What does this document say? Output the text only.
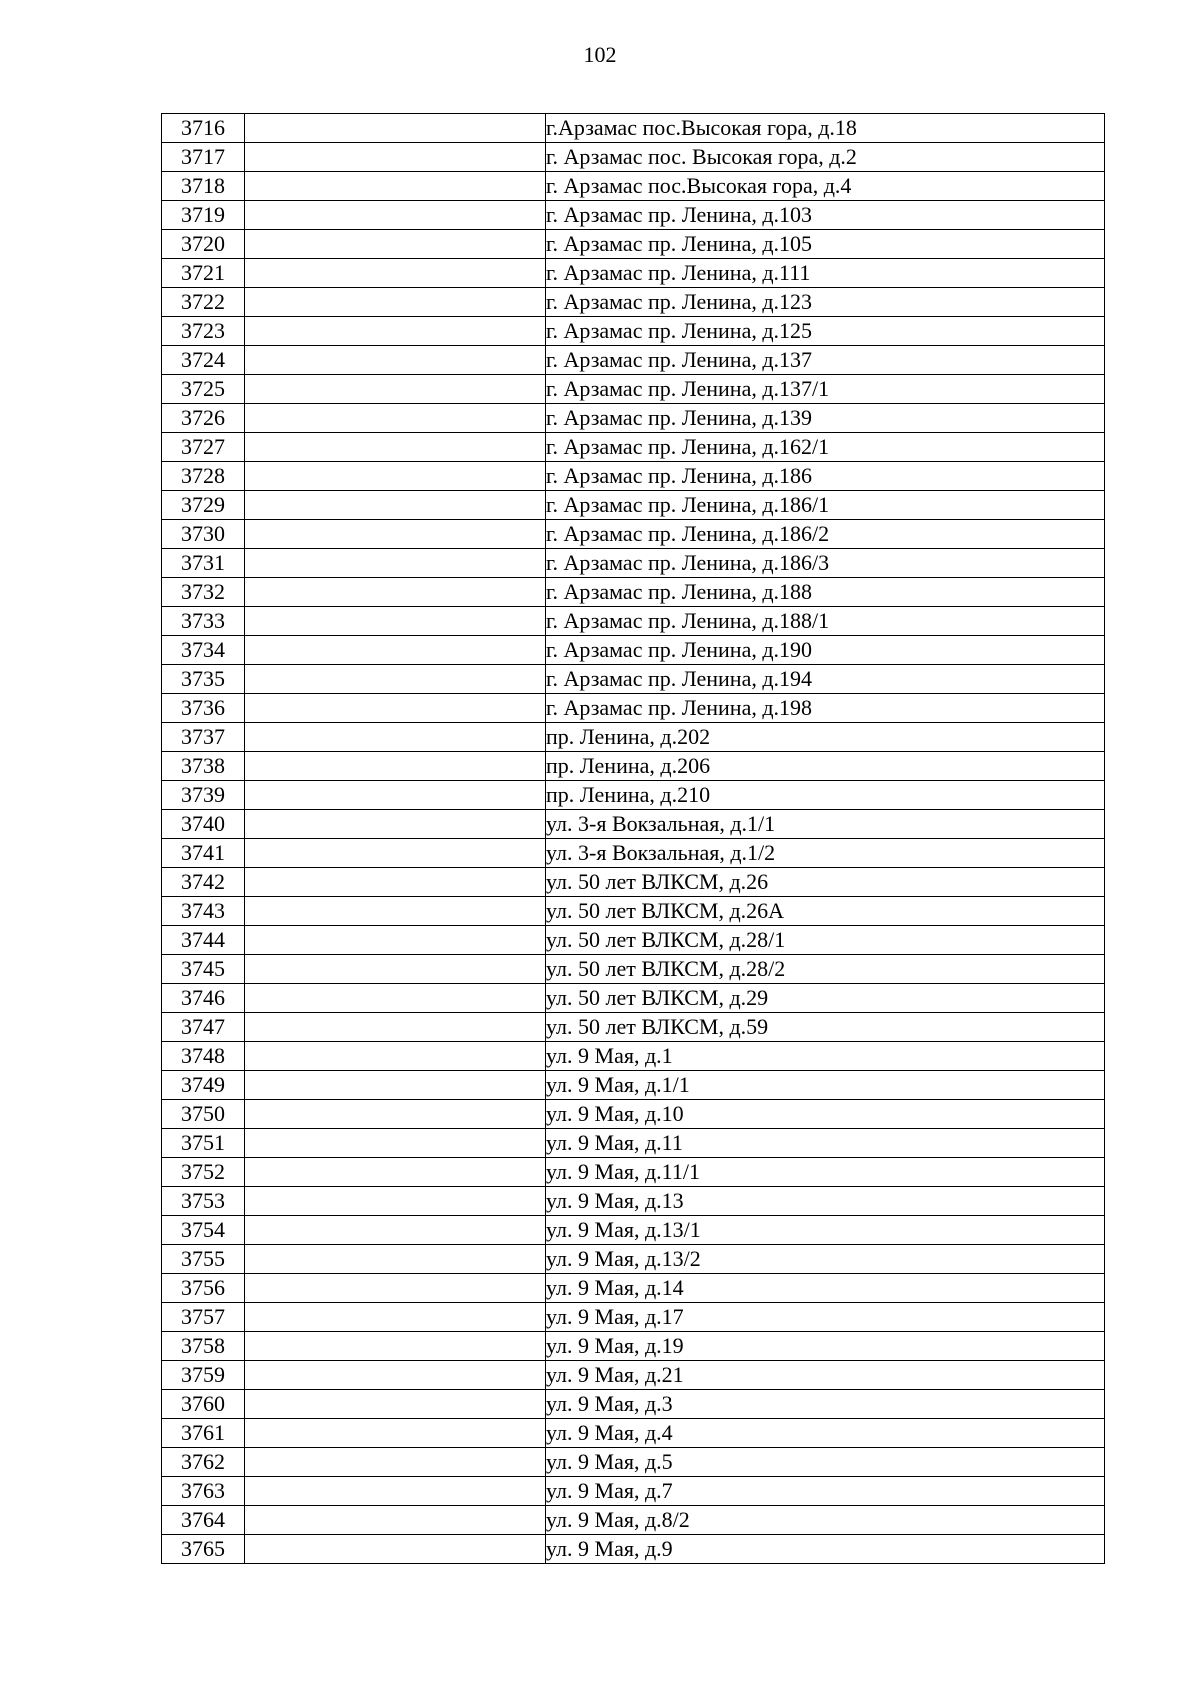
102
3716		г.Арзамас пос.Высокая гора, д.18
3717		г. Арзамас пос. Высокая гора, д.2
3718		г. Арзамас пос.Высокая гора, д.4
3719		г. Арзамас пр. Ленина, д.103
3720		г. Арзамас пр. Ленина, д.105
3721		г. Арзамас пр. Ленина, д.111
3722		г. Арзамас пр. Ленина, д.123
3723		г. Арзамас пр. Ленина, д.125
3724		г. Арзамас пр. Ленина, д.137
3725		г. Арзамас пр. Ленина, д.137/1
3726		г. Арзамас пр. Ленина, д.139
3727		г. Арзамас пр. Ленина, д.162/1
3728		г. Арзамас пр. Ленина, д.186
3729		г. Арзамас пр. Ленина, д.186/1
3730		г. Арзамас пр. Ленина, д.186/2
3731		г. Арзамас пр. Ленина, д.186/3
3732		г. Арзамас пр. Ленина, д.188
3733		г. Арзамас пр. Ленина, д.188/1
3734		г. Арзамас пр. Ленина, д.190
3735		г. Арзамас пр. Ленина, д.194
3736		г. Арзамас пр. Ленина, д.198
3737		пр. Ленина, д.202
3738		пр. Ленина, д.206
3739		пр. Ленина, д.210
3740		ул. 3-я Вокзальная, д.1/1
3741		ул. 3-я Вокзальная, д.1/2
3742		ул. 50 лет ВЛКСМ, д.26
3743		ул. 50 лет ВЛКСМ, д.26А
3744		ул. 50 лет ВЛКСМ, д.28/1
3745		ул. 50 лет ВЛКСМ, д.28/2
3746		ул. 50 лет ВЛКСМ, д.29
3747		ул. 50 лет ВЛКСМ, д.59
3748		ул. 9 Мая, д.1
3749		ул. 9 Мая, д.1/1
3750		ул. 9 Мая, д.10
3751		ул. 9 Мая, д.11
3752		ул. 9 Мая, д.11/1
3753		ул. 9 Мая, д.13
3754		ул. 9 Мая, д.13/1
3755		ул. 9 Мая, д.13/2
3756		ул. 9 Мая, д.14
3757		ул. 9 Мая, д.17
3758		ул. 9 Мая, д.19
3759		ул. 9 Мая, д.21
3760		ул. 9 Мая, д.3
3761		ул. 9 Мая, д.4
3762		ул. 9 Мая, д.5
3763		ул. 9 Мая, д.7
3764		ул. 9 Мая, д.8/2
3765		ул. 9 Мая, д.9
